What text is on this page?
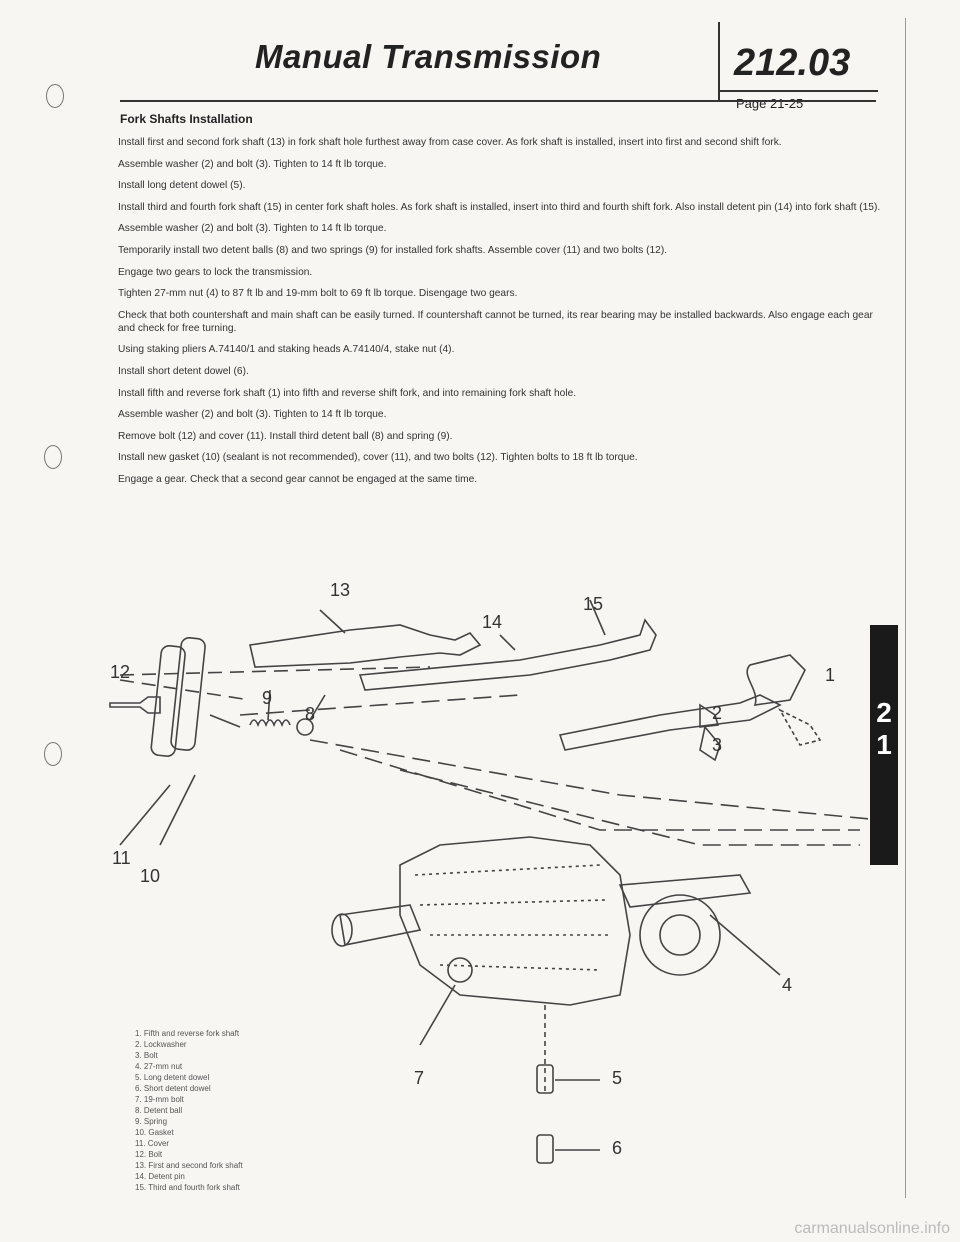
Manual Transmission	212.03
Page 21-25
Fork Shafts Installation

Install first and second fork shaft (13) in fork shaft hole furthest away from case cover. As fork shaft is installed, insert into first and second shift fork.

Assemble washer (2) and bolt (3). Tighten to 14 ft lb torque.

Install long detent dowel (5).

Install third and fourth fork shaft (15) in center fork shaft holes. As fork shaft is installed, insert into third and fourth shift fork. Also install detent pin (14) into fork shaft (15).

Assemble washer (2) and bolt (3). Tighten to 14 ft lb torque.

Temporarily install two detent balls (8) and two springs (9) for installed fork shafts. Assemble cover (11) and two bolts (12).

Engage two gears to lock the transmission.

Tighten 27-mm nut (4) to 87 ft lb and 19-mm bolt to 69 ft lb torque. Disengage two gears.

Check that both countershaft and main shaft can be easily turned. If countershaft cannot be turned, its rear bearing may be installed backwards. Also engage each gear and check for free turning.

Using staking pliers A.74140/1 and staking heads A.74140/4, stake nut (4).

Install short detent dowel (6).

Install fifth and reverse fork shaft (1) into fifth and reverse shift fork, and into remaining fork shaft hole.

Assemble washer (2) and bolt (3). Tighten to 14 ft lb torque.

Remove bolt (12) and cover (11). Install third detent ball (8) and spring (9).

Install new gasket (10) (sealant is not recommended), cover (11), and two bolts (12). Tighten bolts to 18 ft lb torque.

Engage a gear. Check that a second gear cannot be engaged at the same time.

13
14
15
12
9
8
11
10
1
2
3
4
5
6
7
1. Fifth and reverse fork shaft
2. Lockwasher
3. Bolt
4. 27-mm nut
5. Long detent dowel
6. Short detent dowel
7. 19-mm bolt
8. Detent ball
9. Spring
10. Gasket
11. Cover
12. Bolt
13. First and second fork shaft
14. Detent pin
15. Third and fourth fork shaft
2
1
carmanualsonline.info
